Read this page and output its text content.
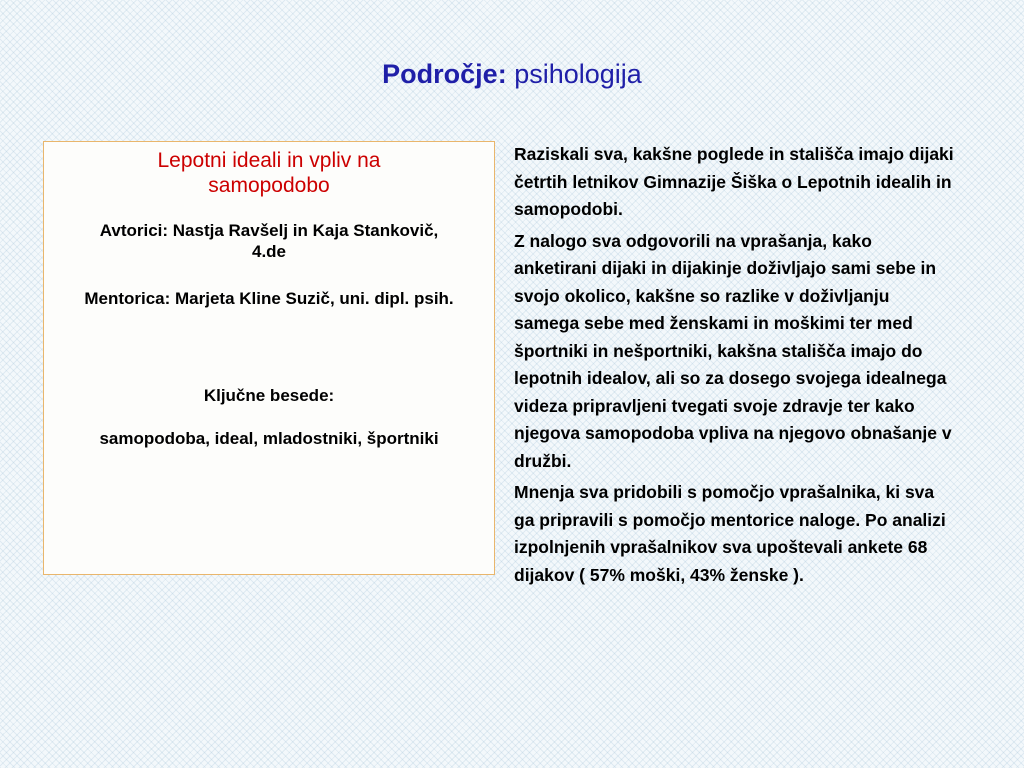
Področje: psihologija

Lepotni ideali in vpliv na samopodobo

Avtorici: Nastja Ravšelj in Kaja Stankovič, 4.de

Mentorica: Marjeta Kline Suzič, uni. dipl. psih.

Ključne besede:

samopodoba, ideal, mladostniki, športniki

Raziskali sva, kakšne poglede in stališča imajo dijaki četrtih letnikov Gimnazije Šiška o Lepotnih idealih in samopodobi.

Z nalogo sva odgovorili na vprašanja, kako anketirani dijaki in dijakinje doživljajo sami sebe in svojo okolico, kakšne so razlike v doživljanju samega sebe med ženskami in moškimi ter med športniki in nešportniki, kakšna stališča imajo do lepotnih idealov, ali so za dosego svojega idealnega videza pripravljeni tvegati svoje zdravje ter kako njegova samopodoba vpliva na njegovo obnašanje v družbi.

Mnenja sva pridobili s pomočjo vprašalnika, ki sva ga pripravili s pomočjo mentorice naloge. Po analizi izpolnjenih vprašalnikov sva upoštevali ankete 68 dijakov ( 57% moški, 43% ženske ).
